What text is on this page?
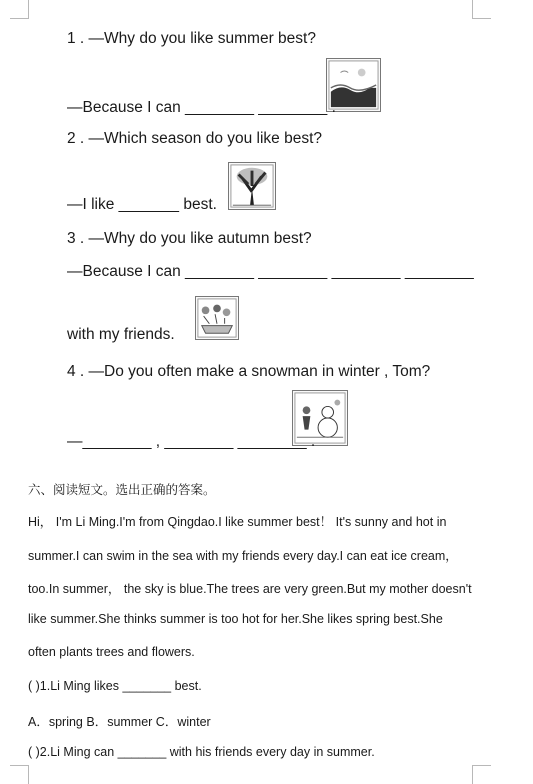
1 . —Why do you like summer best?
—Because I can ________ ________ .
2 . —Which season do you like best?
—I like _______ best.
3 . —Why do you like autumn best?
—Because I can ________ ________ ________ ________
with my friends.
4 . —Do you often make a snowman in winter , Tom?
—________ , ________ ________ .
六、阅读短文。选出正确的答案。
Hi， I'm Li Ming.I'm from Qingdao.I like summer best！ It's sunny and hot in
summer.I can swim in the sea with my friends every day.I can eat ice cream，
too.In summer， the sky is blue.The trees are very green.But my mother doesn't
like summer.She thinks summer is too hot for her.She likes spring best.She
often plants trees and flowers.
( )1.Li Ming likes _______ best.
A．spring B．summer C．winter
( )2.Li Ming can _______ with his friends every day in summer.
